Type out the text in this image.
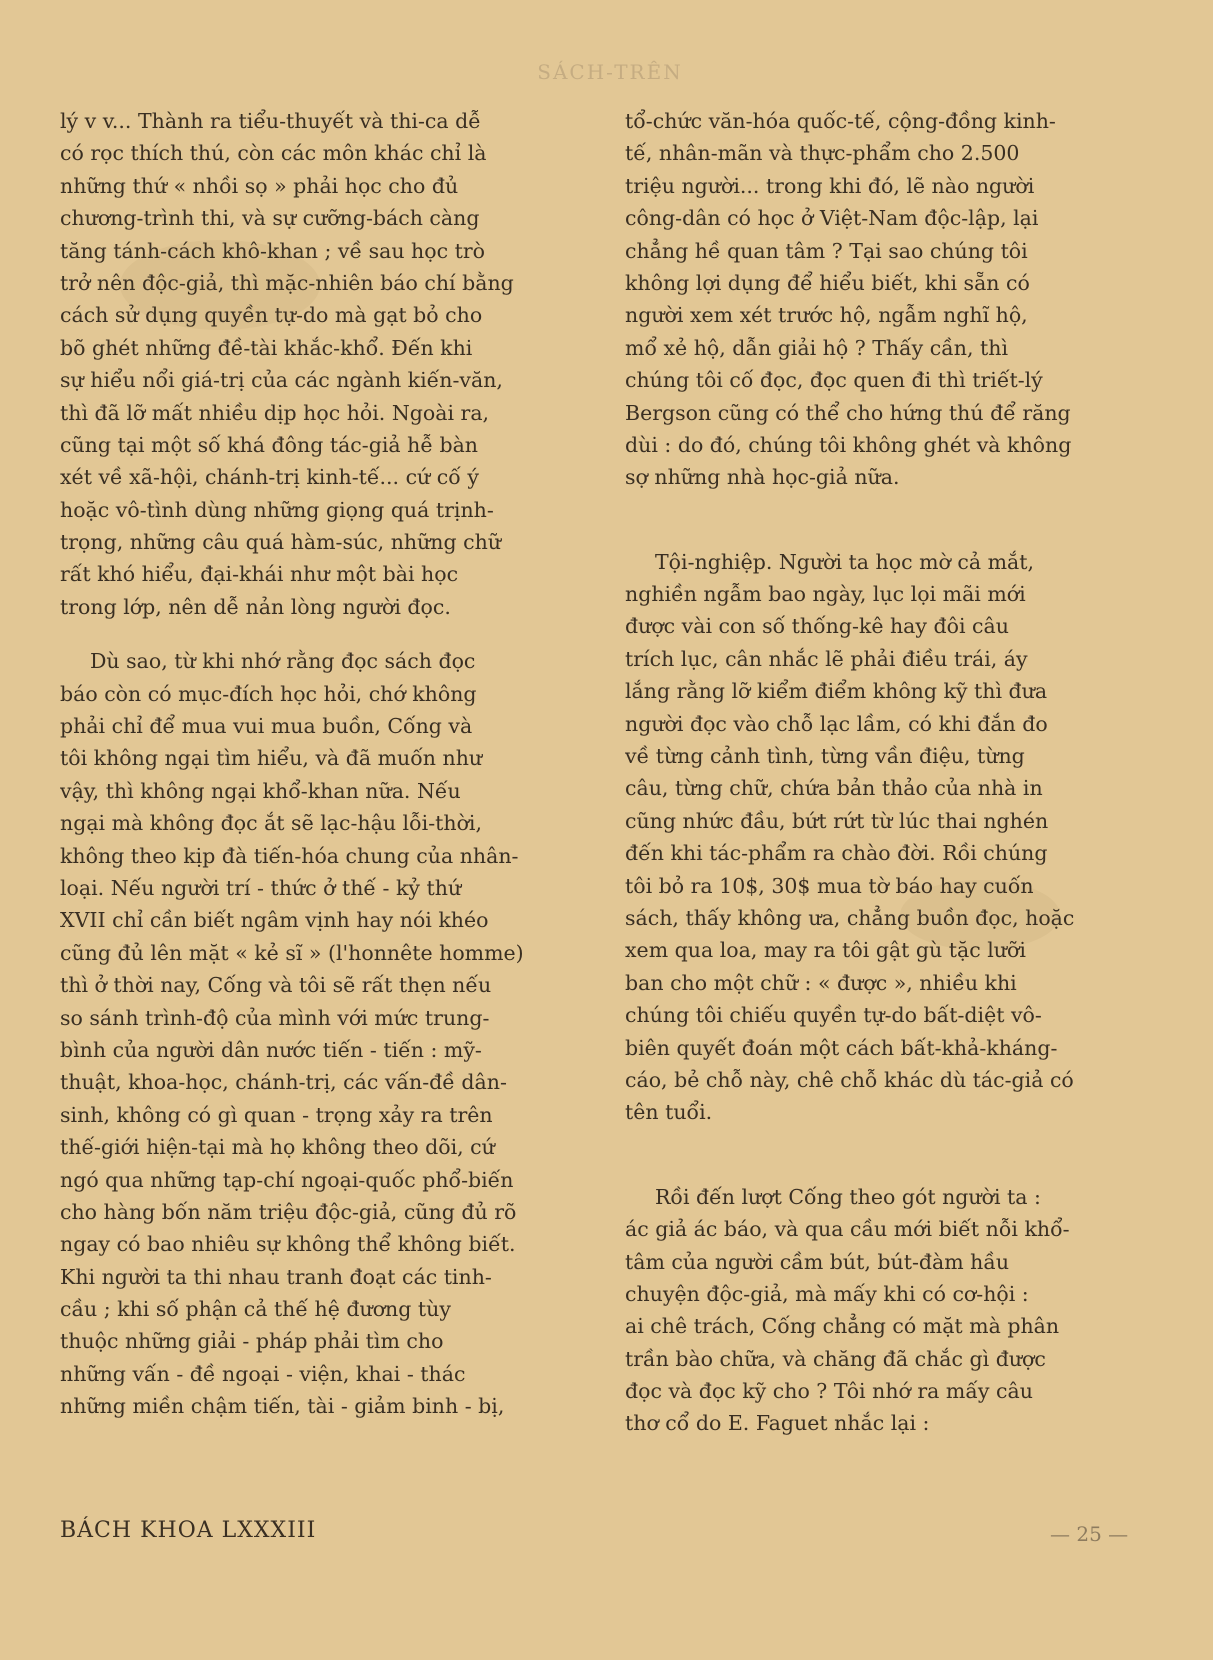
SÁCH-TRÊN
lý v v... Thành ra tiểu-thuyết và thi-ca dễ
có rọc thích thú, còn các môn khác chỉ là
những thứ « nhồi sọ » phải học cho đủ
chương-trình thi, và sự cưỡng-bách càng
tăng tánh-cách khô-khan ; về sau học trò
trở nên độc-giả, thì mặc-nhiên báo chí bằng
cách sử dụng quyền tự-do mà gạt bỏ cho
bõ ghét những đề-tài khắc-khổ. Đến khi
sự hiểu nổi giá-trị của các ngành kiến-văn,
thì đã lỡ mất nhiều dịp học hỏi. Ngoài ra,
cũng tại một số khá đông tác-giả hễ bàn
xét về xã-hội, chánh-trị kinh-tế... cứ cố ý
hoặc vô-tình dùng những giọng quá trịnh-
trọng, những câu quá hàm-súc, những chữ
rất khó hiểu, đại-khái như một bài học
trong lớp, nên dễ nản lòng người đọc.
Dù sao, từ khi nhớ rằng đọc sách đọc
báo còn có mục-đích học hỏi, chớ không
phải chỉ để mua vui mua buồn, Cống và
tôi không ngại tìm hiểu, và đã muốn như
vậy, thì không ngại khổ-khan nữa. Nếu
ngại mà không đọc ắt sẽ lạc-hậu lỗi-thời,
không theo kịp đà tiến-hóa chung của nhân-
loại. Nếu người trí - thức ở thế - kỷ thứ
XVII chỉ cần biết ngâm vịnh hay nói khéo
cũng đủ lên mặt « kẻ sĩ » (l'honnête homme)
thì ở thời nay, Cống và tôi sẽ rất thẹn nếu
so sánh trình-độ của mình với mức trung-
bình của người dân nước tiến - tiến : mỹ-
thuật, khoa-học, chánh-trị, các vấn-đề dân-
sinh, không có gì quan - trọng xảy ra trên
thế-giới hiện-tại mà họ không theo dõi, cứ
ngó qua những tạp-chí ngoại-quốc phổ-biến
cho hàng bốn năm triệu độc-giả, cũng đủ rõ
ngay có bao nhiêu sự không thể không biết.
Khi người ta thi nhau tranh đoạt các tinh-
cầu ; khi số phận cả thế hệ đương tùy
thuộc những giải - pháp phải tìm cho
những vấn - đề ngoại - viện, khai - thác
những miền chậm tiến, tài - giảm binh - bị,
tổ-chức văn-hóa quốc-tế, cộng-đồng kinh-
tế, nhân-mãn và thực-phẩm cho 2.500
triệu người... trong khi đó, lẽ nào người
công-dân có học ở Việt-Nam độc-lập, lại
chẳng hề quan tâm ? Tại sao chúng tôi
không lợi dụng để hiểu biết, khi sẵn có
người xem xét trước hộ, ngẫm nghĩ hộ,
mổ xẻ hộ, dẫn giải hộ ? Thấy cần, thì
chúng tôi cố đọc, đọc quen đi thì triết-lý
Bergson cũng có thể cho hứng thú để răng
dùi : do đó, chúng tôi không ghét và không
sợ những nhà học-giả nữa.
Tội-nghiệp. Người ta học mờ cả mắt,
nghiền ngẫm bao ngày, lục lọi mãi mới
được vài con số thống-kê hay đôi câu
trích lục, cân nhắc lẽ phải điều trái, áy
lắng rằng lỡ kiểm điểm không kỹ thì đưa
người đọc vào chỗ lạc lầm, có khi đắn đo
về từng cảnh tình, từng vần điệu, từng
câu, từng chữ, chứa bản thảo của nhà in
cũng nhức đầu, bứt rứt từ lúc thai nghén
đến khi tác-phẩm ra chào đời. Rồi chúng
tôi bỏ ra 10$, 30$ mua tờ báo hay cuốn
sách, thấy không ưa, chẳng buồn đọc, hoặc
xem qua loa, may ra tôi gật gù tặc lưỡi
ban cho một chữ : « được », nhiều khi
chúng tôi chiếu quyền tự-do bất-diệt vô-
biên quyết đoán một cách bất-khả-kháng-
cáo, bẻ chỗ này, chê chỗ khác dù tác-giả có
tên tuổi.
Rồi đến lượt Cống theo gót người ta :
ác giả ác báo, và qua cầu mới biết nỗi khổ-
tâm của người cầm bút, bút-đàm hầu
chuyện độc-giả, mà mấy khi có cơ-hội :
ai chê trách, Cống chẳng có mặt mà phân
trần bào chữa, và chăng đã chắc gì được
đọc và đọc kỹ cho ? Tôi nhớ ra mấy câu
thơ cổ do E. Faguet nhắc lại :
BÁCH KHOA LXXXIII	— 25 —
